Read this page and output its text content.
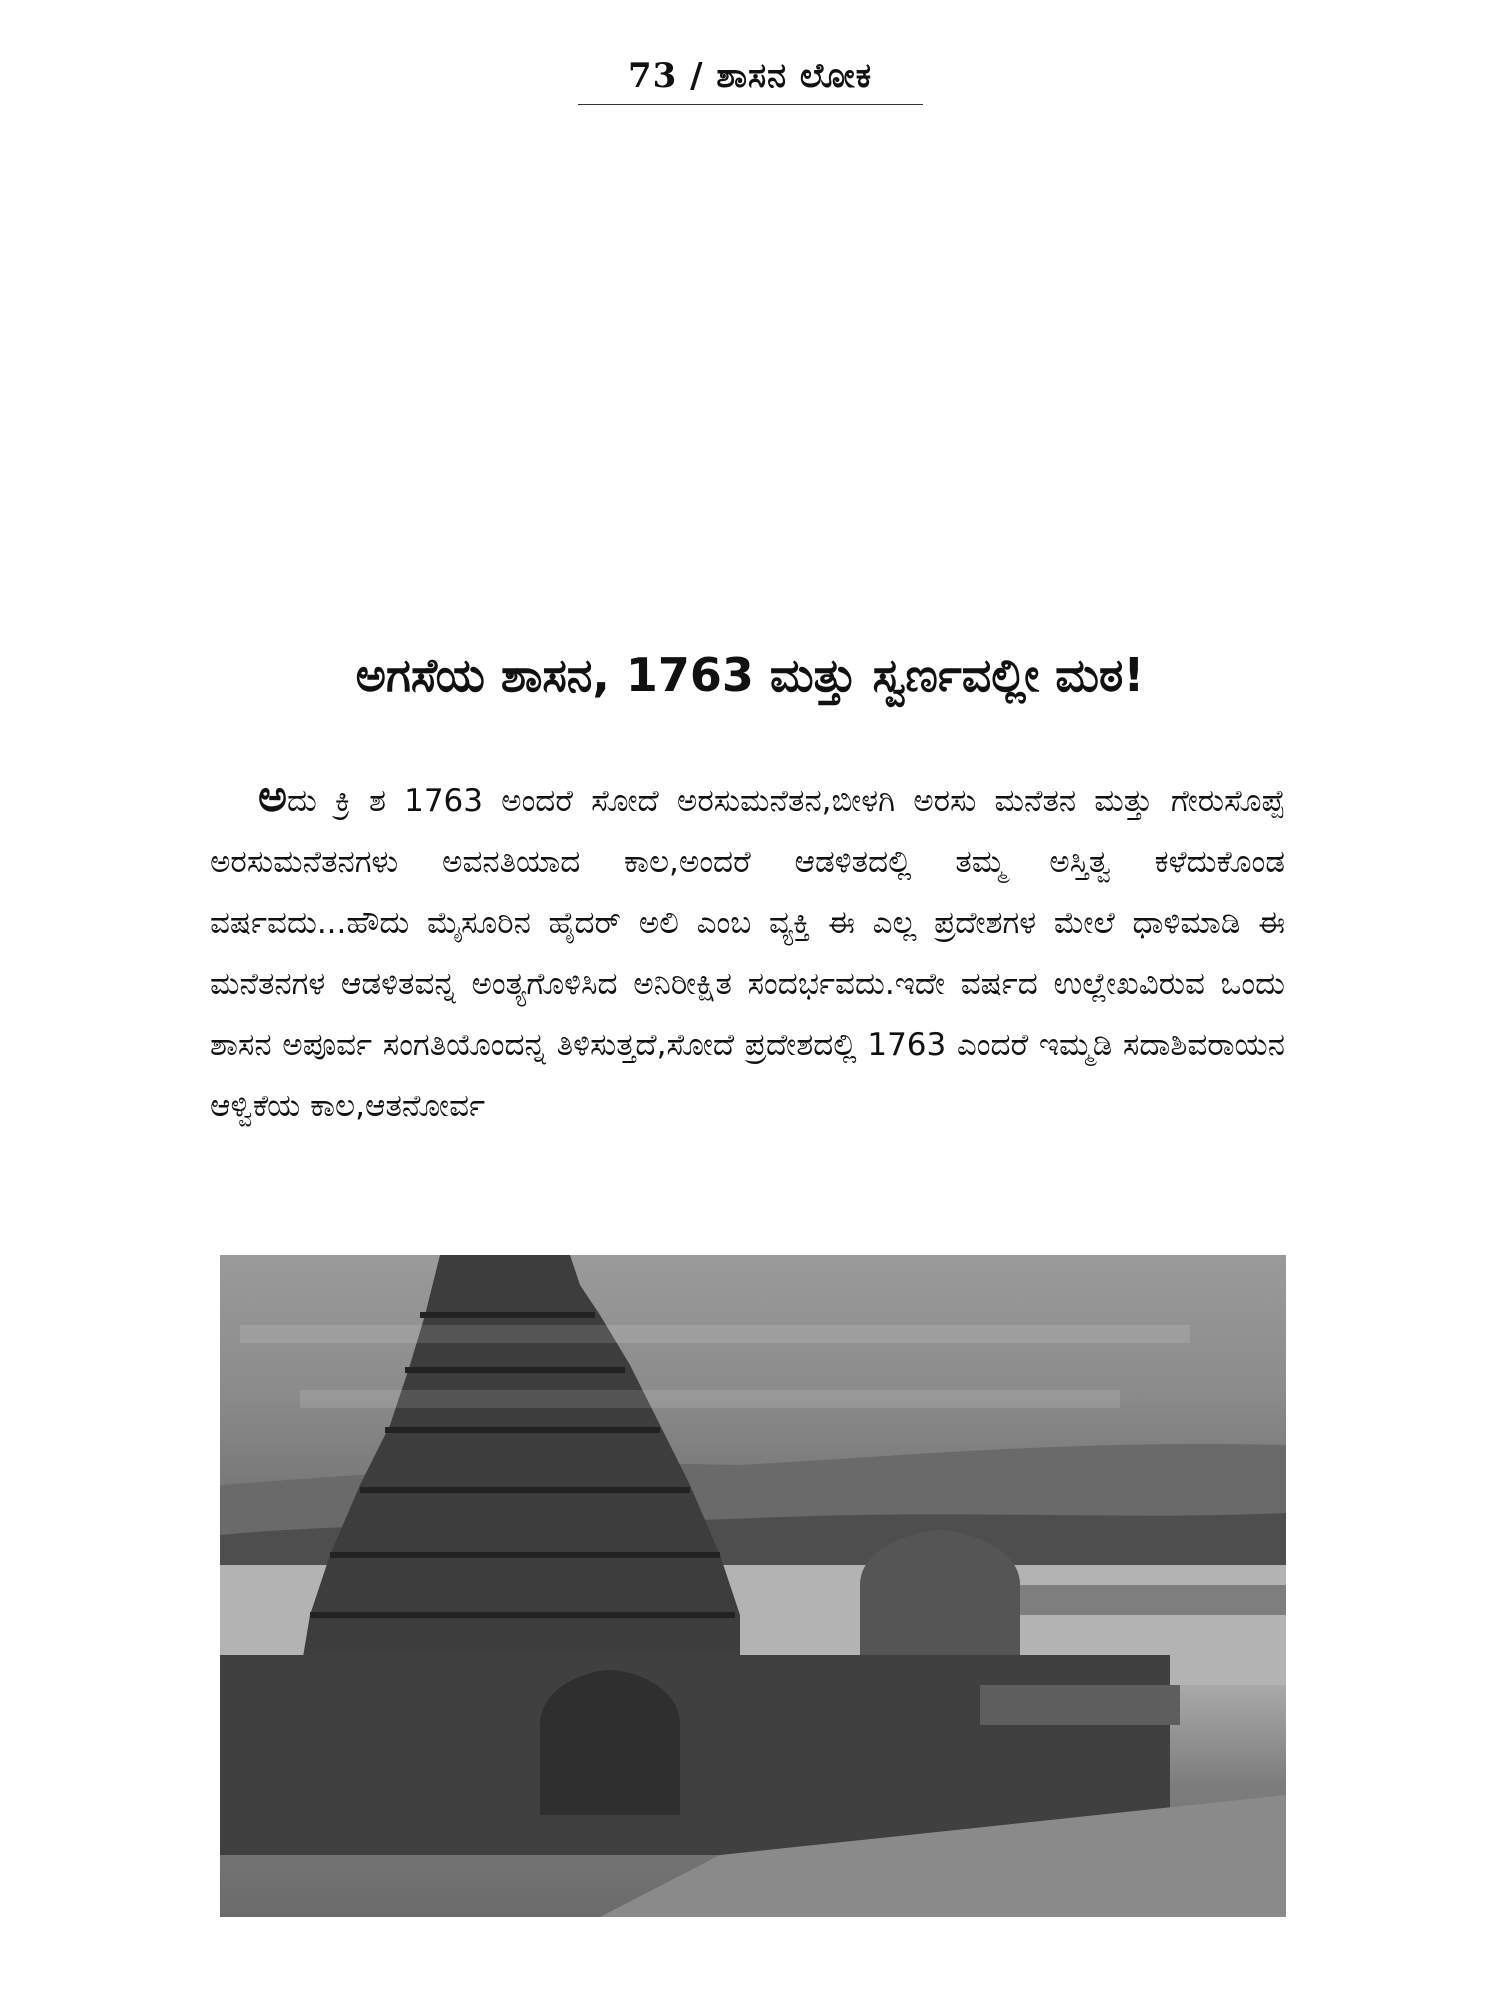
73 / ಶಾಸನ ಲೋಕ
ಅಗಸೆಯ ಶಾಸನ, 1763 ಮತ್ತು ಸ್ವರ್ಣವಲ್ಲೀ ಮಠ!

ಅದು ಕ್ರಿ ಶ 1763 ಅಂದರೆ ಸೋದೆ ಅರಸುಮನೆತನ,ಬೀಳಗಿ ಅರಸು ಮನೆತನ ಮತ್ತು ಗೇರುಸೊಪ್ಪೆ ಅರಸುಮನೆತನಗಳು ಅವನತಿಯಾದ ಕಾಲ,ಅಂದರೆ ಆಡಳಿತದಲ್ಲಿ ತಮ್ಮ ಅಸ್ತಿತ್ವ ಕಳೆದುಕೊಂಡ ವರ್ಷವದು...ಹೌದು ಮೈಸೂರಿನ ಹೈದರ್ ಅಲಿ ಎಂಬ ವ್ಯಕ್ತಿ ಈ ಎಲ್ಲ ಪ್ರದೇಶಗಳ ಮೇಲೆ ಧಾಳಿಮಾಡಿ ಈ ಮನೆತನಗಳ ಆಡಳಿತವನ್ನ ಅಂತ್ಯಗೊಳಿಸಿದ ಅನಿರೀಕ್ಷಿತ ಸಂದರ್ಭವದು.ಇದೇ ವರ್ಷದ ಉಲ್ಲೇಖವಿರುವ ಒಂದು ಶಾಸನ ಅಪೂರ್ವ ಸಂಗತಿಯೊಂದನ್ನ ತಿಳಿಸುತ್ತದೆ,ಸೋದೆ ಪ್ರದೇಶದಲ್ಲಿ 1763 ಎಂದರೆ ಇಮ್ಮಡಿ ಸದಾಶಿವರಾಯನ ಆಳ್ವಿಕೆಯ ಕಾಲ,ಆತನೋರ್ವ
